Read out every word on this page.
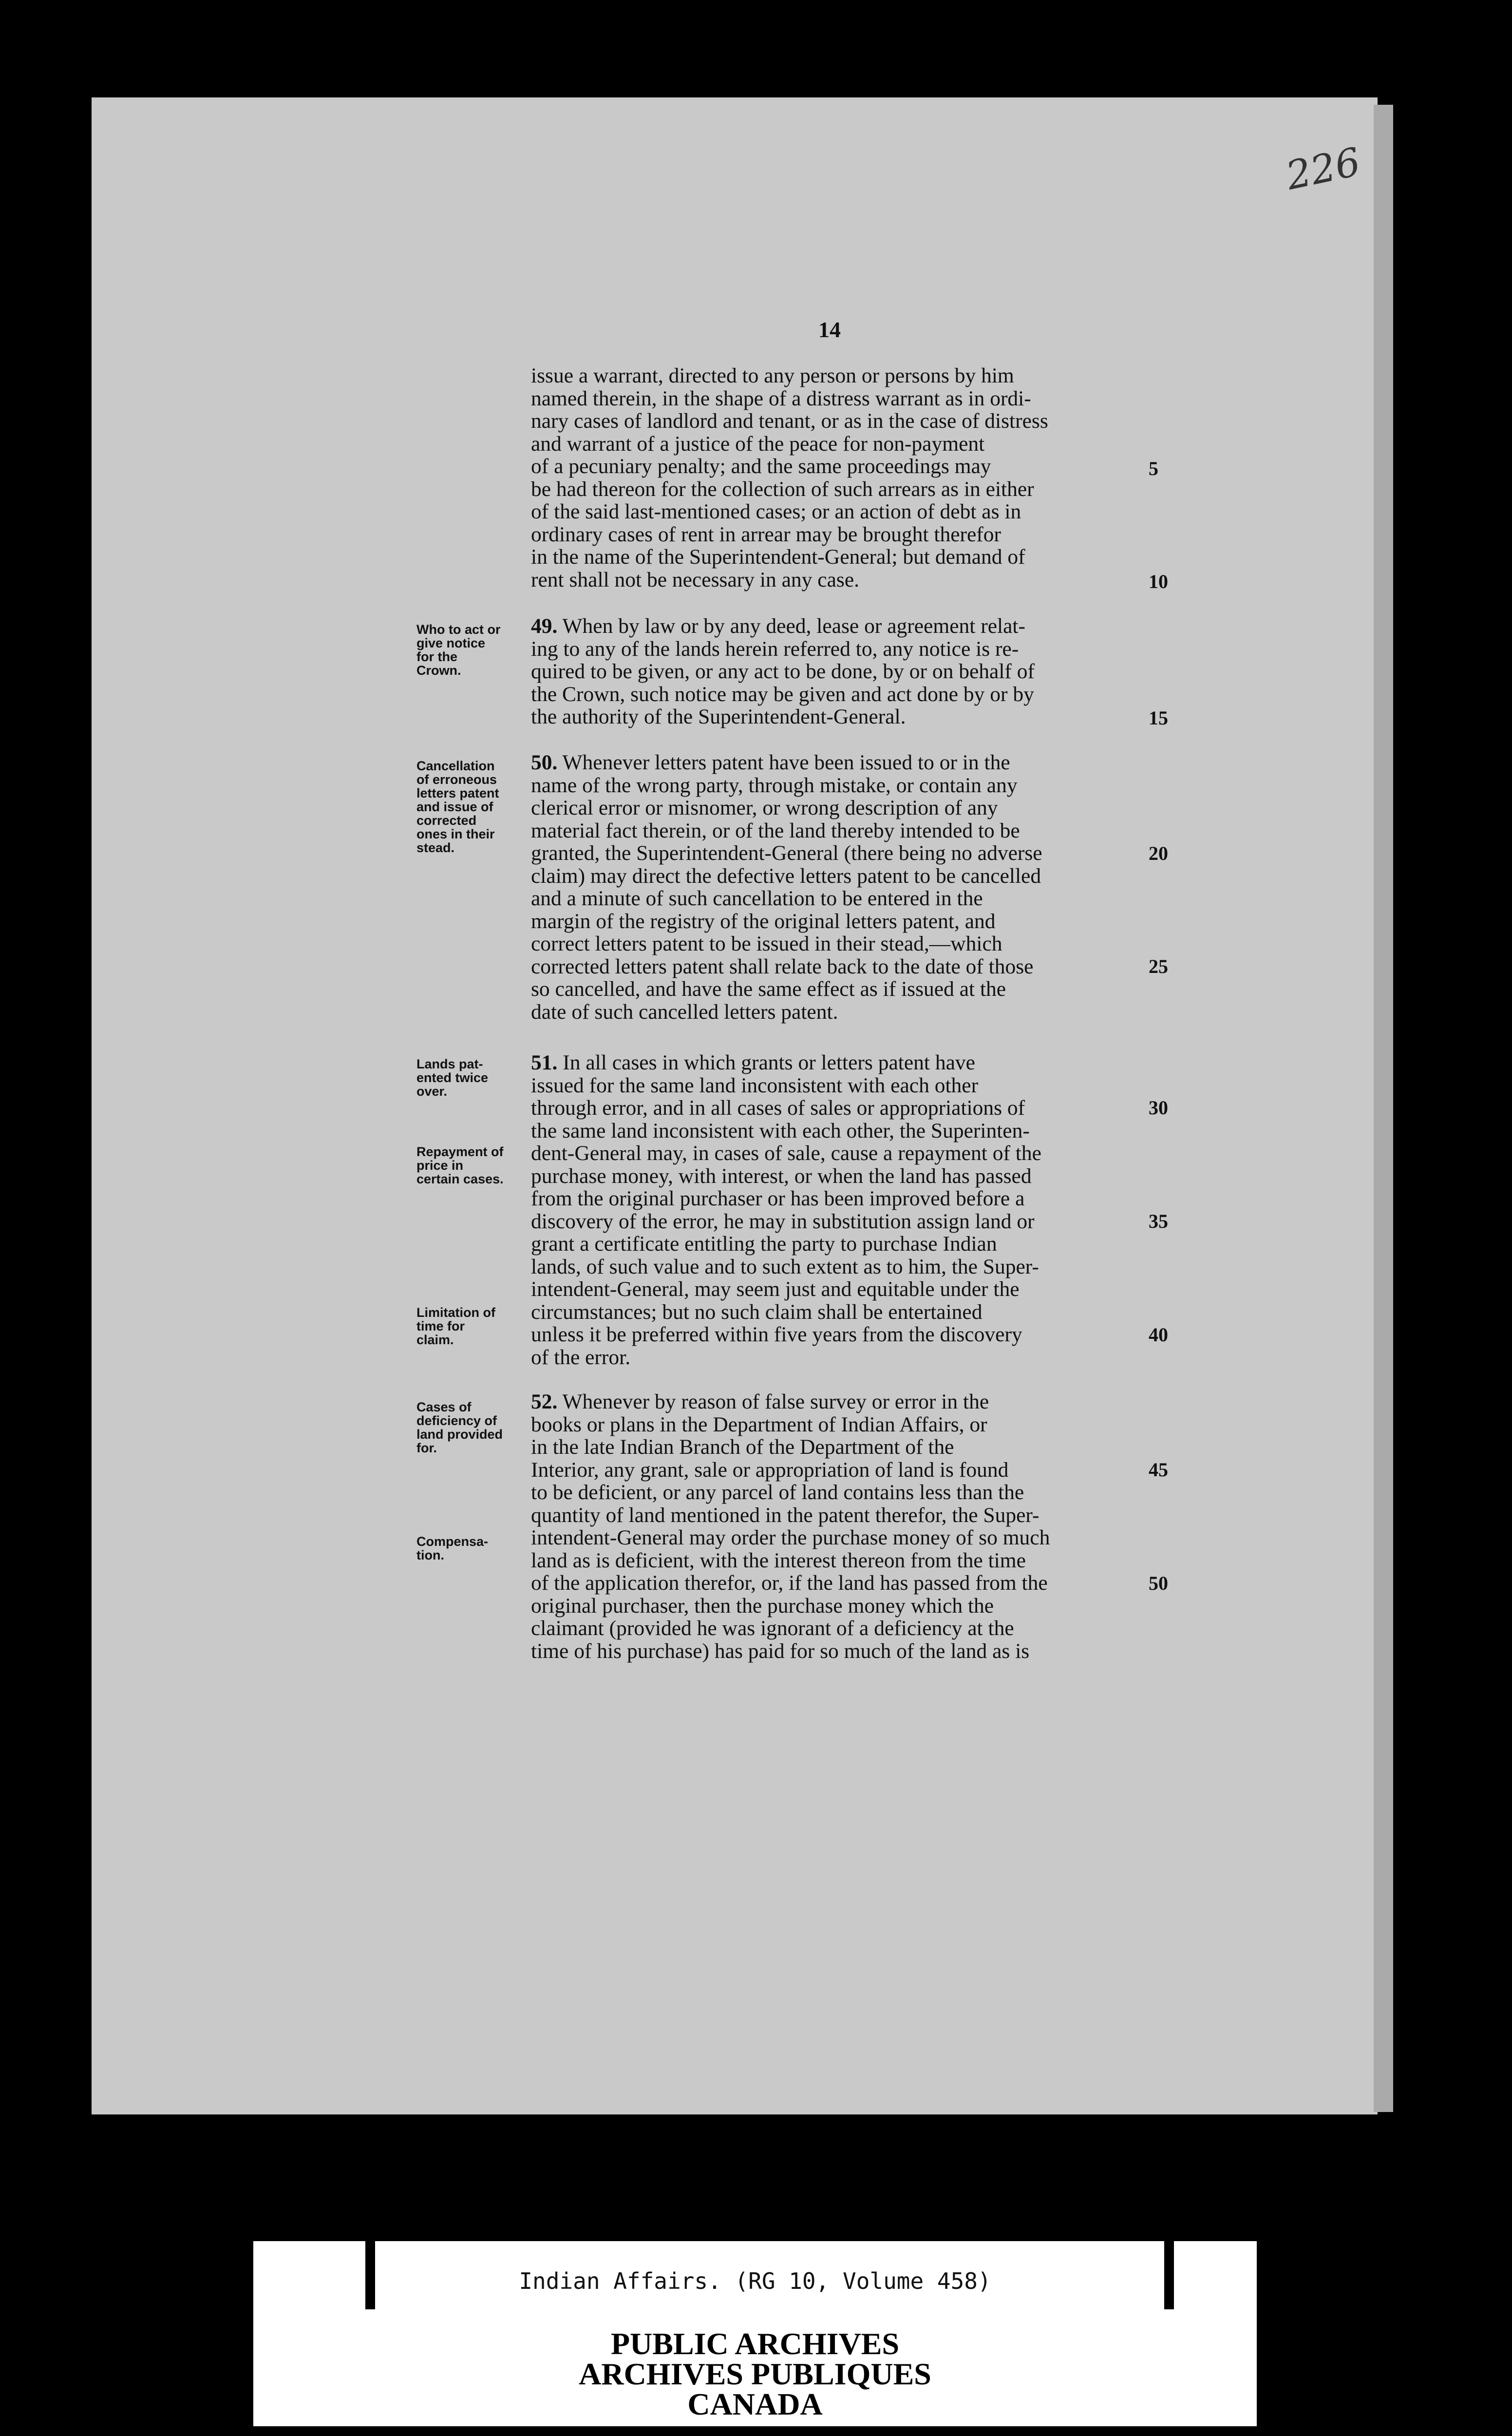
226
14
issue a warrant, directed to any person or persons by him
named therein, in the shape of a distress warrant as in ordi-
nary cases of landlord and tenant, or as in the case of distress
and warrant of a justice of the peace for non-payment
of a pecuniary penalty; and the same proceedings may
be had thereon for the collection of such arrears as in either
of the said last-mentioned cases; or an action of debt as in
ordinary cases of rent in arrear may be brought therefor
in the name of the Superintendent-General; but demand of
rent shall not be necessary in any case.
49. When by law or by any deed, lease or agreement relat-
ing to any of the lands herein referred to, any notice is re-
quired to be given, or any act to be done, by or on behalf of
the Crown, such notice may be given and act done by or by
the authority of the Superintendent-General.
50. Whenever letters patent have been issued to or in the
name of the wrong party, through mistake, or contain any
clerical error or misnomer, or wrong description of any
material fact therein, or of the land thereby intended to be
granted, the Superintendent-General (there being no adverse
claim) may direct the defective letters patent to be cancelled
and a minute of such cancellation to be entered in the
margin of the registry of the original letters patent, and
correct letters patent to be issued in their stead,—which
corrected letters patent shall relate back to the date of those
so cancelled, and have the same effect as if issued at the
date of such cancelled letters patent.
51. In all cases in which grants or letters patent have
issued for the same land inconsistent with each other
through error, and in all cases of sales or appropriations of
the same land inconsistent with each other, the Superinten-
dent-General may, in cases of sale, cause a repayment of the
purchase money, with interest, or when the land has passed
from the original purchaser or has been improved before a
discovery of the error, he may in substitution assign land or
grant a certificate entitling the party to purchase Indian
lands, of such value and to such extent as to him, the Super-
intendent-General, may seem just and equitable under the
circumstances; but no such claim shall be entertained
unless it be preferred within five years from the discovery
of the error.
52. Whenever by reason of false survey or error in the
books or plans in the Department of Indian Affairs, or
in the late Indian Branch of the Department of the
Interior, any grant, sale or appropriation of land is found
to be deficient, or any parcel of land contains less than the
quantity of land mentioned in the patent therefor, the Super-
intendent-General may order the purchase money of so much
land as is deficient, with the interest thereon from the time
of the application therefor, or, if the land has passed from the
original purchaser, then the purchase money which the
claimant (provided he was ignorant of a deficiency at the
time of his purchase) has paid for so much of the land as is
Who to act or
give notice
for the
Crown.
Cancellation
of erroneous
letters patent
and issue of
corrected
ones in their
stead.
Lands pat-
ented twice
over.
Repayment of
price in
certain cases.
Limitation of
time for
claim.
Cases of
deficiency of
land provided
for.
Compensa-
tion.
5
10
15
20
25
30
35
40
45
50
Indian Affairs. (RG 10, Volume 458)
PUBLIC ARCHIVES
ARCHIVES PUBLIQUES
CANADA
